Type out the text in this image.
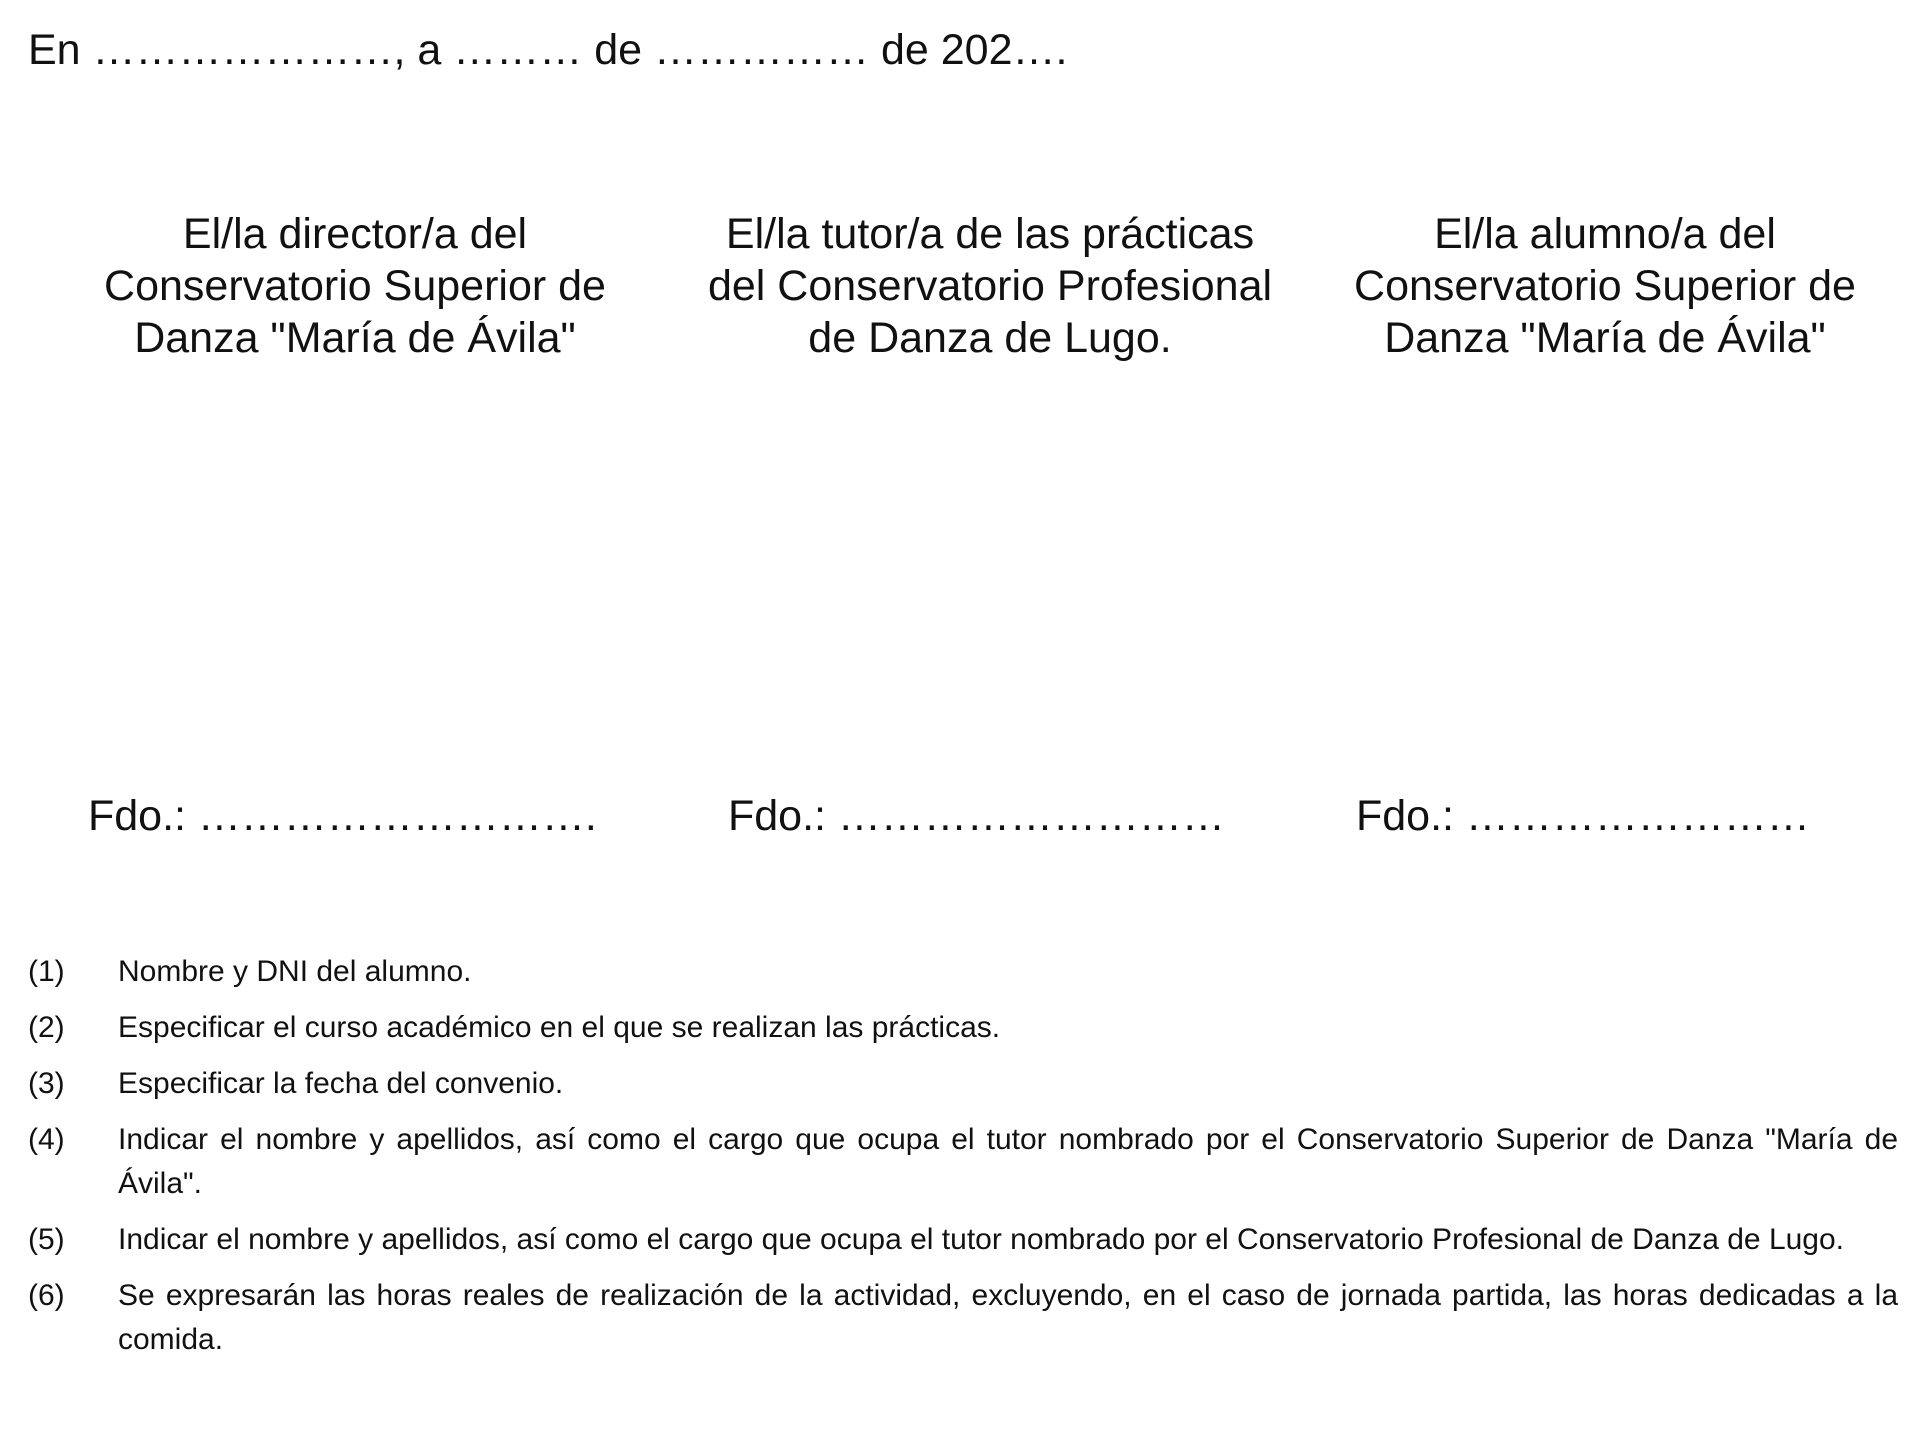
En …………………, a ……… de …………… de 202….
El/la director/a del Conservatorio Superior de Danza "María de Ávila"
Fdo.: ……………………….
El/la tutor/a de las prácticas del Conservatorio Profesional de Danza de Lugo.
Fdo.: ………………………
El/la alumno/a del Conservatorio Superior de Danza "María de Ávila"
Fdo.: ……………………
(1)	Nombre y DNI del alumno.
(2)	Especificar el curso académico en el que se realizan las prácticas.
(3)	Especificar la fecha del convenio.
(4)	Indicar el nombre y apellidos, así como el cargo que ocupa el tutor nombrado por el Conservatorio Superior de Danza "María de Ávila".
(5)	Indicar el nombre y apellidos, así como el cargo que ocupa el tutor nombrado por el Conservatorio Profesional de Danza de Lugo.
(6)	Se expresarán las horas reales de realización de la actividad, excluyendo, en el caso de jornada partida, las horas dedicadas a la comida.
